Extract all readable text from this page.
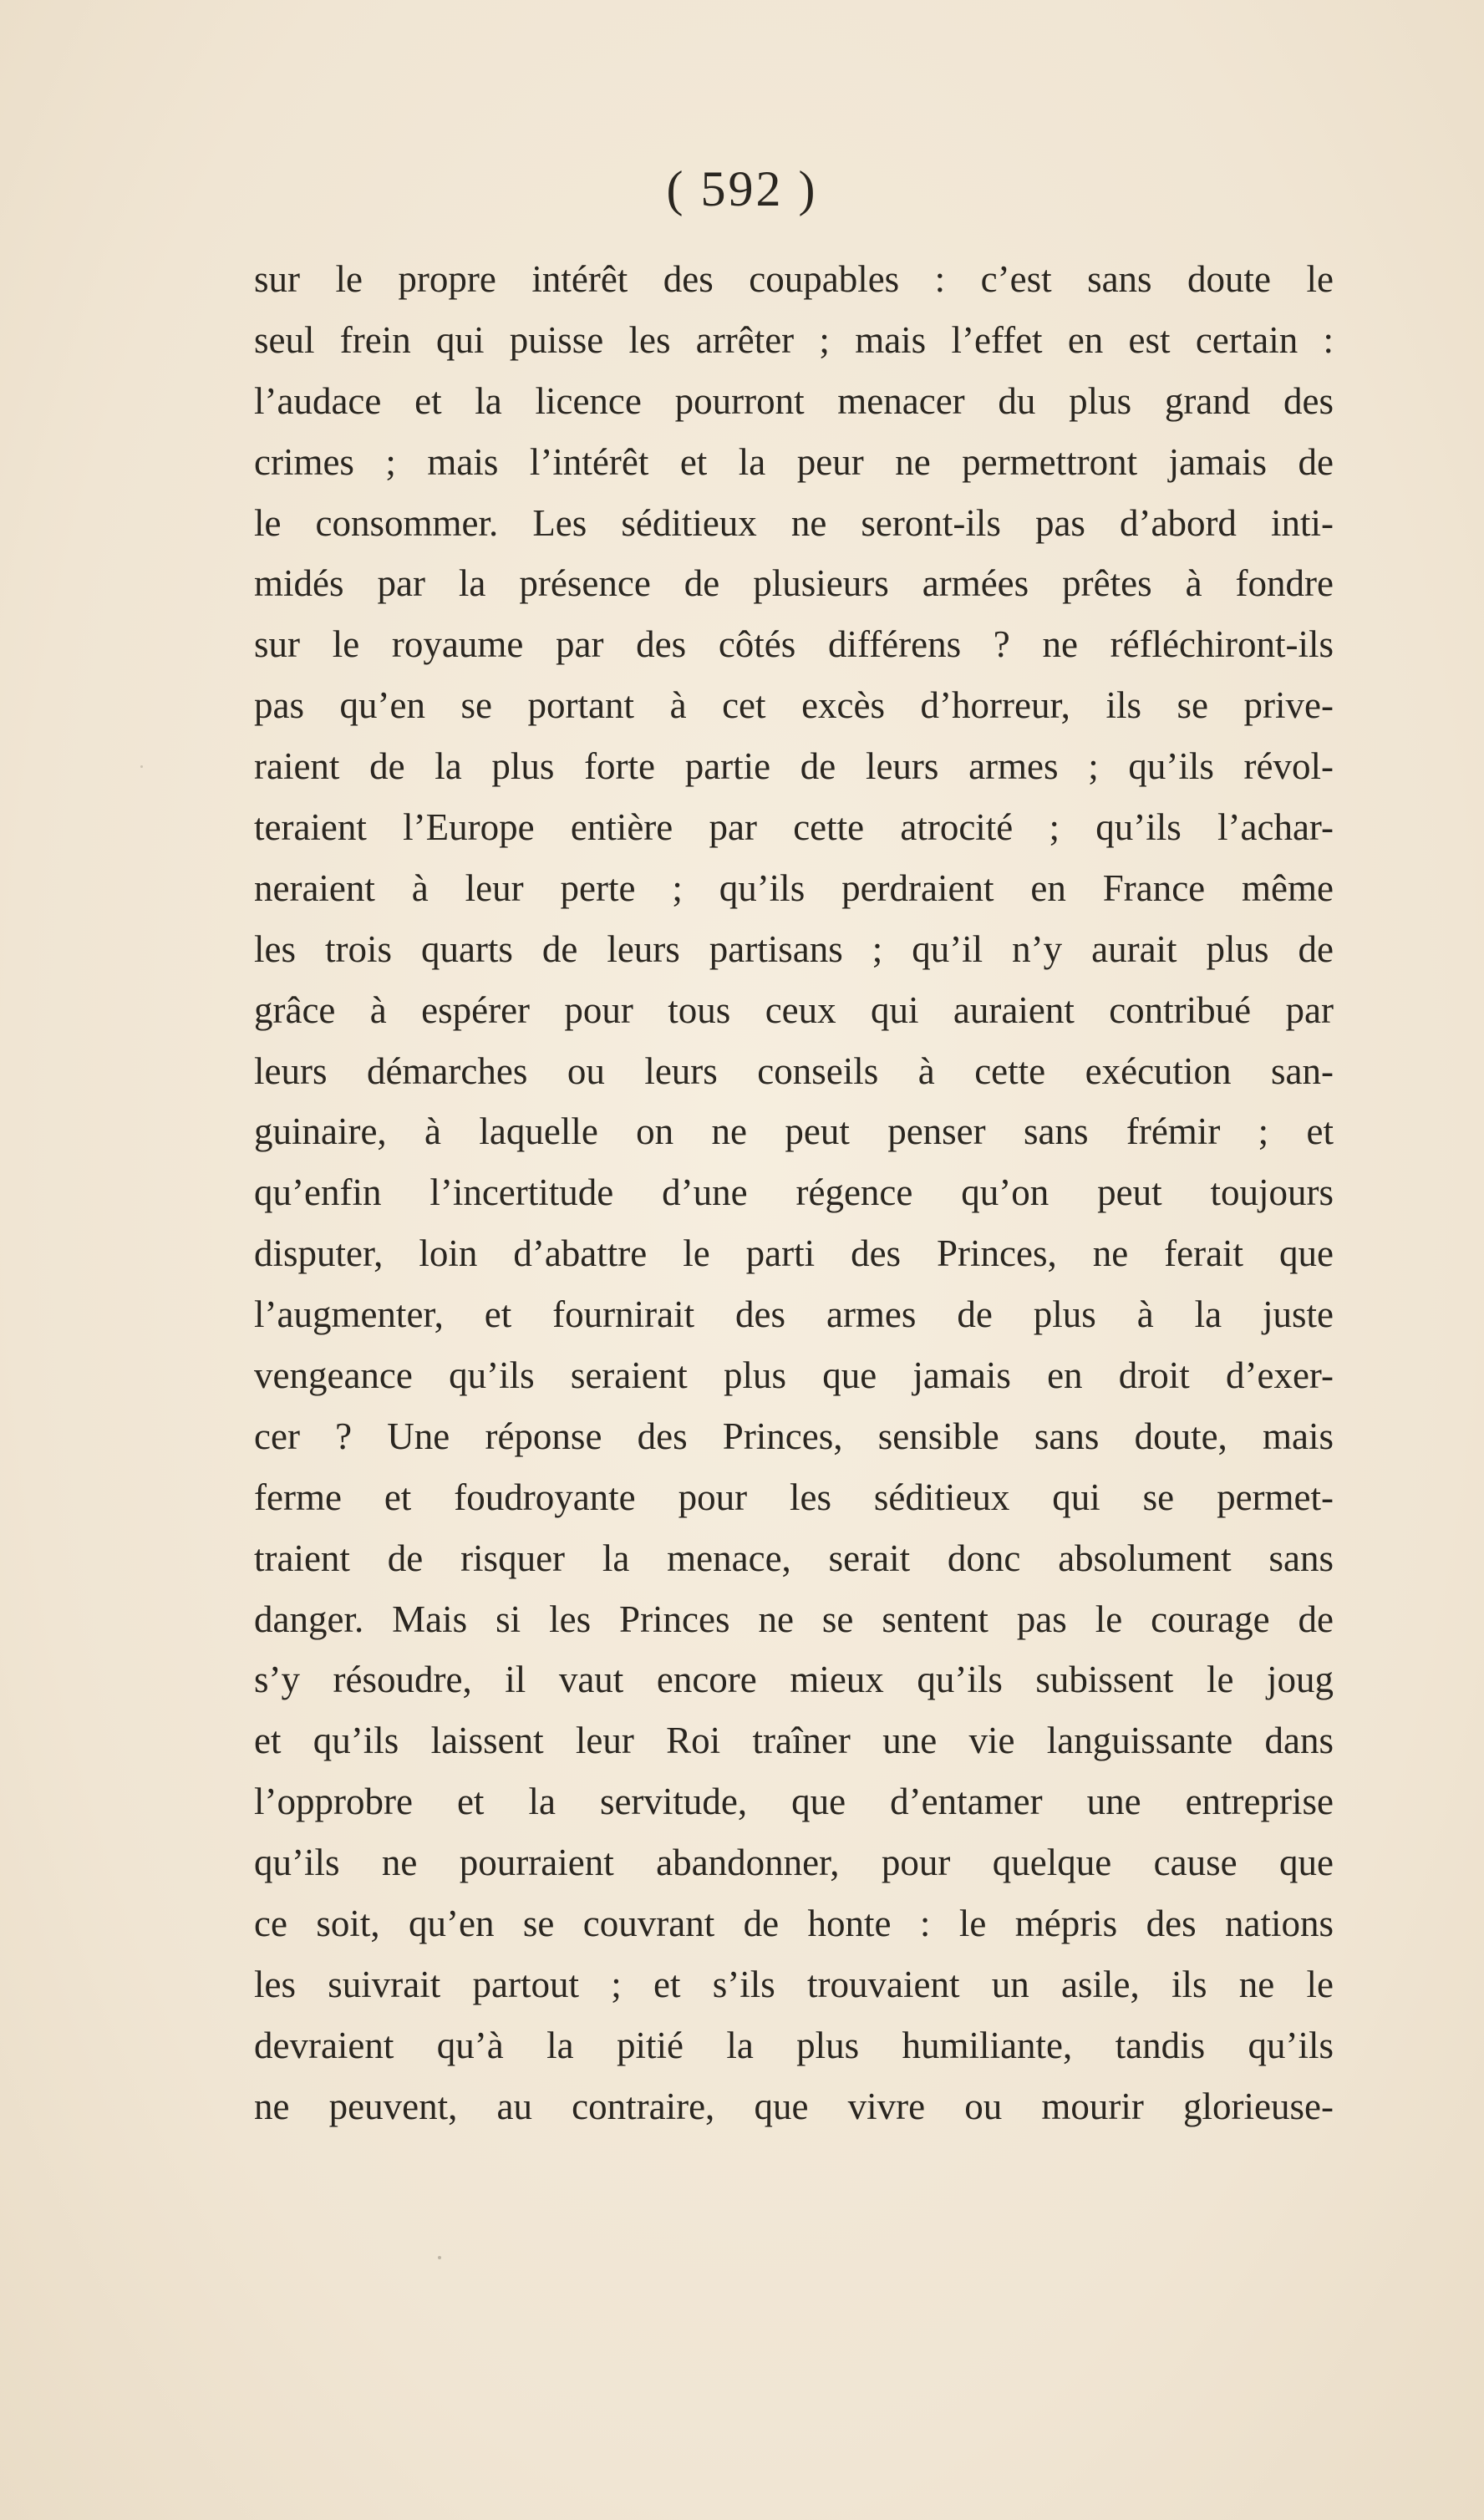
( 592 )
sur le propre intérêt des coupables : c’est sans doute le
seul frein qui puisse les arrêter ; mais l’effet en est certain :
l’audace et la licence pourront menacer du plus grand des
crimes ; mais l’intérêt et la peur ne permettront jamais de
le consommer. Les séditieux ne seront-ils pas d’abord inti-
midés par la présence de plusieurs armées prêtes à fondre
sur le royaume par des côtés différens ? ne réfléchiront-ils
pas qu’en se portant à cet excès d’horreur, ils se prive-
raient de la plus forte partie de leurs armes ; qu’ils révol-
teraient l’Europe entière par cette atrocité ; qu’ils l’achar-
neraient à leur perte ; qu’ils perdraient en France même
les trois quarts de leurs partisans ; qu’il n’y aurait plus de
grâce à espérer pour tous ceux qui auraient contribué par
leurs démarches ou leurs conseils à cette exécution san-
guinaire, à laquelle on ne peut penser sans frémir ; et
qu’enfin l’incertitude d’une régence qu’on peut toujours
disputer, loin d’abattre le parti des Princes, ne ferait que
l’augmenter, et fournirait des armes de plus à la juste
vengeance qu’ils seraient plus que jamais en droit d’exer-
cer ? Une réponse des Princes, sensible sans doute, mais
ferme et foudroyante pour les séditieux qui se permet-
traient de risquer la menace, serait donc absolument sans
danger. Mais si les Princes ne se sentent pas le courage de
s’y résoudre, il vaut encore mieux qu’ils subissent le joug
et qu’ils laissent leur Roi traîner une vie languissante dans
l’opprobre et la servitude, que d’entamer une entreprise
qu’ils ne pourraient abandonner, pour quelque cause que
ce soit, qu’en se couvrant de honte : le mépris des nations
les suivrait partout ; et s’ils trouvaient un asile, ils ne le
devraient qu’à la pitié la plus humiliante, tandis qu’ils
ne peuvent, au contraire, que vivre ou mourir glorieuse-
